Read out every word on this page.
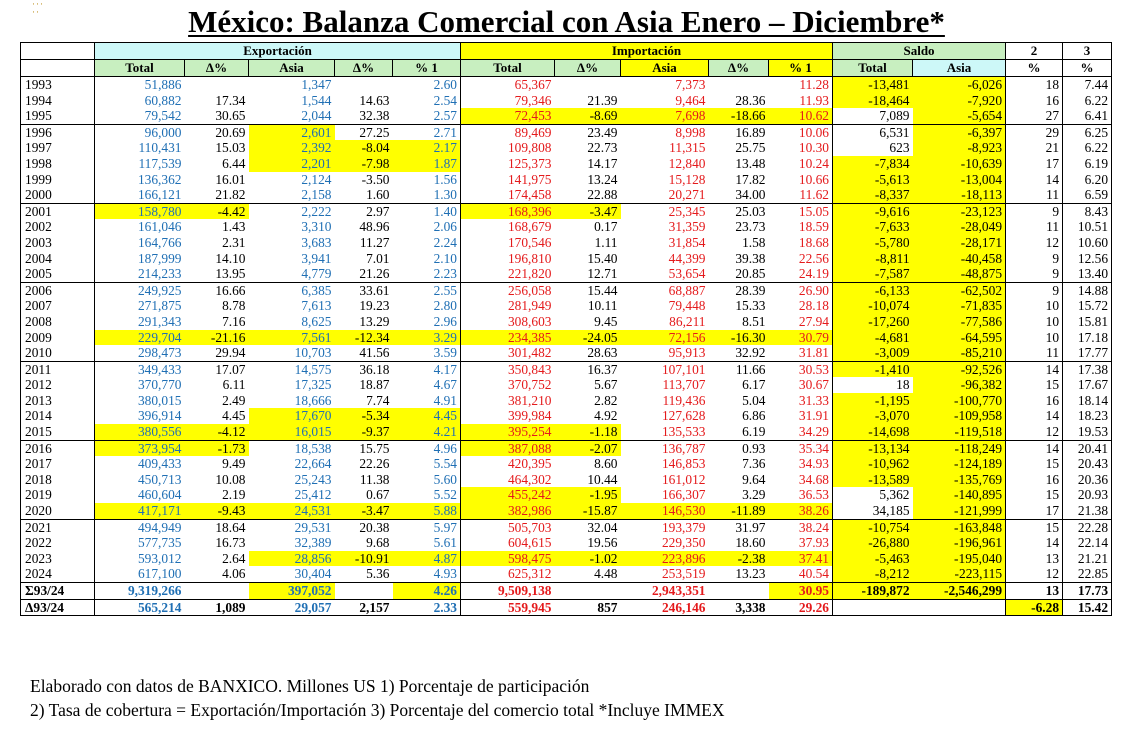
···
··	México: Balanza Comercial con Asia Enero – Diciembre*
	Exportación					Importación					Saldo		2	3
	Total	Δ%	Asia	Δ%	% 1	Total	Δ%	Asia	Δ%	% 1	Total	Asia	%	%
1993	51,886		1,347		2.60	65,367		7,373		11.28	-13,481	-6,026	18	7.44
1994	60,882	17.34	1,544	14.63	2.54	79,346	21.39	9,464	28.36	11.93	-18,464	-7,920	16	6.22
1995	79,542	30.65	2,044	32.38	2.57	72,453	-8.69	7,698	-18.66	10.62	7,089	-5,654	27	6.41
1996	96,000	20.69	2,601	27.25	2.71	89,469	23.49	8,998	16.89	10.06	6,531	-6,397	29	6.25
1997	110,431	15.03	2,392	-8.04	2.17	109,808	22.73	11,315	25.75	10.30	623	-8,923	21	6.22
1998	117,539	6.44	2,201	-7.98	1.87	125,373	14.17	12,840	13.48	10.24	-7,834	-10,639	17	6.19
1999	136,362	16.01	2,124	-3.50	1.56	141,975	13.24	15,128	17.82	10.66	-5,613	-13,004	14	6.20
2000	166,121	21.82	2,158	1.60	1.30	174,458	22.88	20,271	34.00	11.62	-8,337	-18,113	11	6.59
2001	158,780	-4.42	2,222	2.97	1.40	168,396	-3.47	25,345	25.03	15.05	-9,616	-23,123	9	8.43
2002	161,046	1.43	3,310	48.96	2.06	168,679	0.17	31,359	23.73	18.59	-7,633	-28,049	11	10.51
2003	164,766	2.31	3,683	11.27	2.24	170,546	1.11	31,854	1.58	18.68	-5,780	-28,171	12	10.60
2004	187,999	14.10	3,941	7.01	2.10	196,810	15.40	44,399	39.38	22.56	-8,811	-40,458	9	12.56
2005	214,233	13.95	4,779	21.26	2.23	221,820	12.71	53,654	20.85	24.19	-7,587	-48,875	9	13.40
2006	249,925	16.66	6,385	33.61	2.55	256,058	15.44	68,887	28.39	26.90	-6,133	-62,502	9	14.88
2007	271,875	8.78	7,613	19.23	2.80	281,949	10.11	79,448	15.33	28.18	-10,074	-71,835	10	15.72
2008	291,343	7.16	8,625	13.29	2.96	308,603	9.45	86,211	8.51	27.94	-17,260	-77,586	10	15.81
2009	229,704	-21.16	7,561	-12.34	3.29	234,385	-24.05	72,156	-16.30	30.79	-4,681	-64,595	10	17.18
2010	298,473	29.94	10,703	41.56	3.59	301,482	28.63	95,913	32.92	31.81	-3,009	-85,210	11	17.77
2011	349,433	17.07	14,575	36.18	4.17	350,843	16.37	107,101	11.66	30.53	-1,410	-92,526	14	17.38
2012	370,770	6.11	17,325	18.87	4.67	370,752	5.67	113,707	6.17	30.67	18	-96,382	15	17.67
2013	380,015	2.49	18,666	7.74	4.91	381,210	2.82	119,436	5.04	31.33	-1,195	-100,770	16	18.14
2014	396,914	4.45	17,670	-5.34	4.45	399,984	4.92	127,628	6.86	31.91	-3,070	-109,958	14	18.23
2015	380,556	-4.12	16,015	-9.37	4.21	395,254	-1.18	135,533	6.19	34.29	-14,698	-119,518	12	19.53
2016	373,954	-1.73	18,538	15.75	4.96	387,088	-2.07	136,787	0.93	35.34	-13,134	-118,249	14	20.41
2017	409,433	9.49	22,664	22.26	5.54	420,395	8.60	146,853	7.36	34.93	-10,962	-124,189	15	20.43
2018	450,713	10.08	25,243	11.38	5.60	464,302	10.44	161,012	9.64	34.68	-13,589	-135,769	16	20.36
2019	460,604	2.19	25,412	0.67	5.52	455,242	-1.95	166,307	3.29	36.53	5,362	-140,895	15	20.93
2020	417,171	-9.43	24,531	-3.47	5.88	382,986	-15.87	146,530	-11.89	38.26	34,185	-121,999	17	21.38
2021	494,949	18.64	29,531	20.38	5.97	505,703	32.04	193,379	31.97	38.24	-10,754	-163,848	15	22.28
2022	577,735	16.73	32,389	9.68	5.61	604,615	19.56	229,350	18.60	37.93	-26,880	-196,961	14	22.14
2023	593,012	2.64	28,856	-10.91	4.87	598,475	-1.02	223,896	-2.38	37.41	-5,463	-195,040	13	21.21
2024	617,100	4.06	30,404	5.36	4.93	625,312	4.48	253,519	13.23	40.54	-8,212	-223,115	12	22.85
Σ93/24	9,319,266		397,052		4.26	9,509,138		2,943,351		30.95	-189,872	-2,546,299	13	17.73
Δ93/24	565,214	1,089	29,057	2,157	2.33	559,945	857	246,146	3,338	29.26			-6.28	15.42
Elaborado con datos de BANXICO. Millones US 1) Porcentaje de participación
2) Tasa de cobertura = Exportación/Importación 3) Porcentaje del comercio total *Incluye IMMEX
